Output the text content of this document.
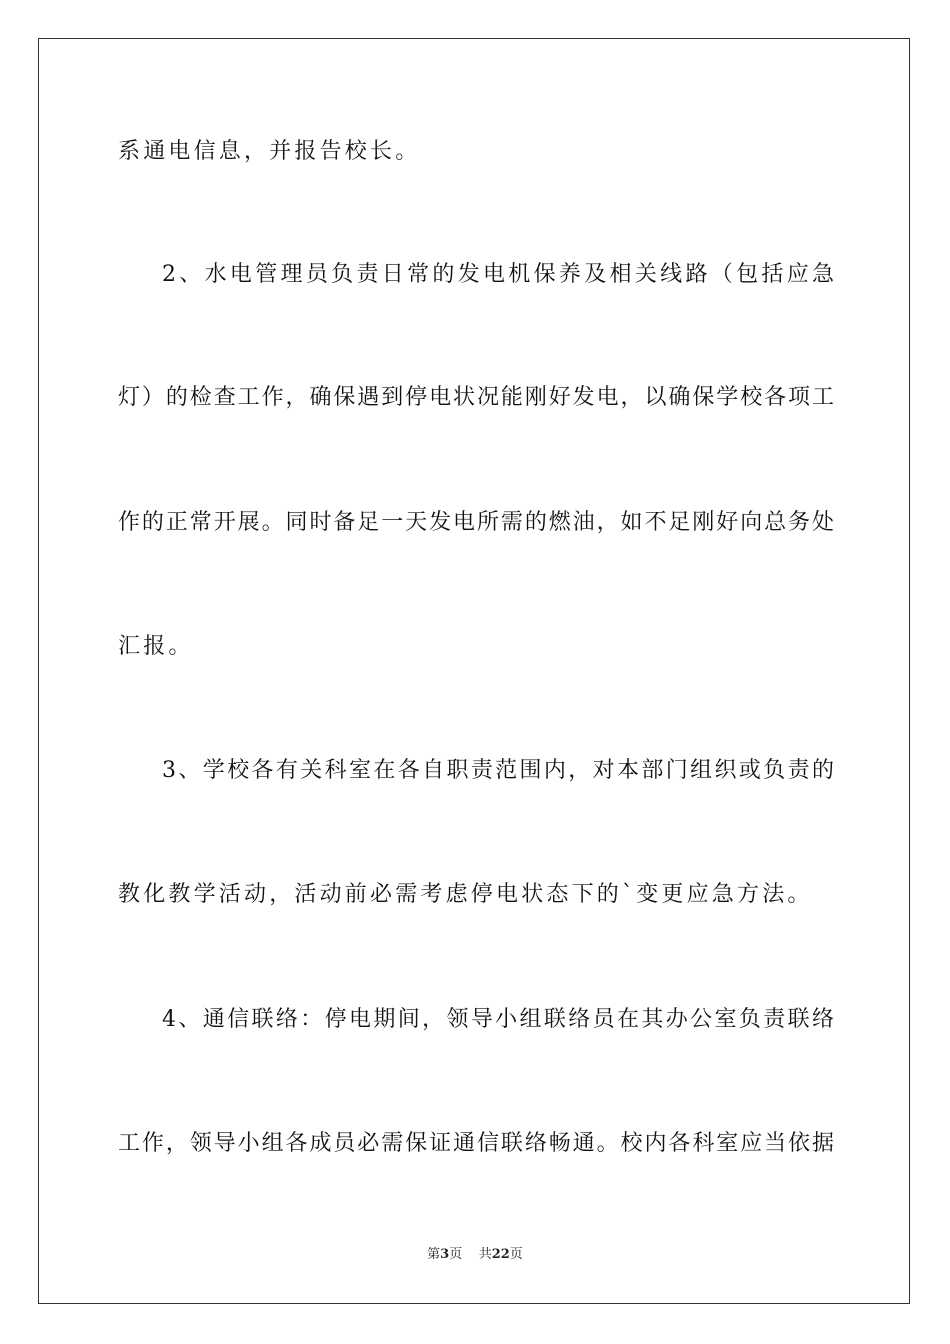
系通电信息，并报告校长。
2、水电管理员负责日常的发电机保养及相关线路（包括应急
灯）的检查工作，确保遇到停电状况能刚好发电，以确保学校各项工
作的正常开展。同时备足一天发电所需的燃油，如不足刚好向总务处
汇报。
3、学校各有关科室在各自职责范围内，对本部门组织或负责的
教化教学活动，活动前必需考虑停电状态下的`变更应急方法。
4、通信联络：停电期间，领导小组联络员在其办公室负责联络
工作，领导小组各成员必需保证通信联络畅通。校内各科室应当依据
第3页 共22页
